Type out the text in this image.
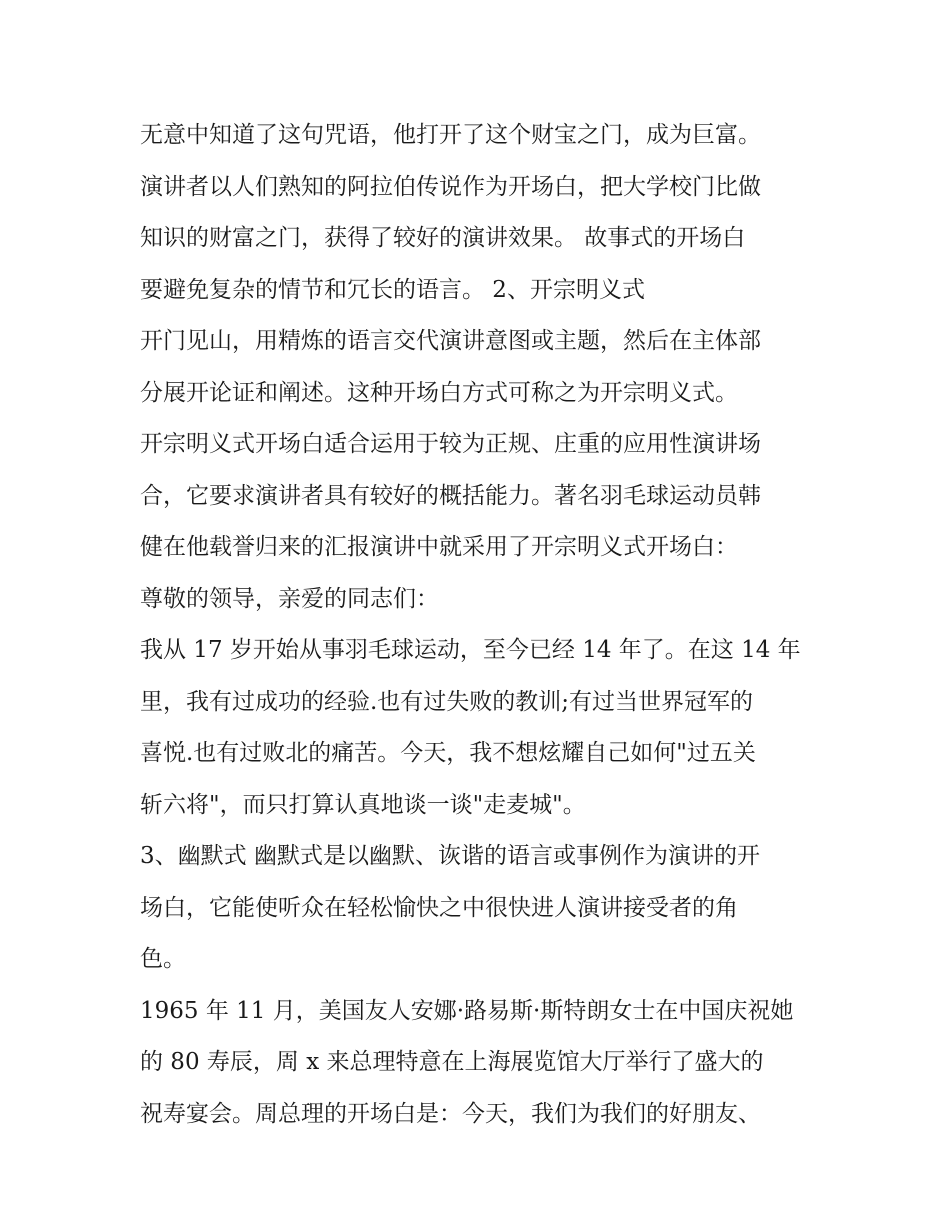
无意中知道了这句咒语，他打开了这个财宝之门，成为巨富。
演讲者以人们熟知的阿拉伯传说作为开场白，把大学校门比做
知识的财富之门，获得了较好的演讲效果。 故事式的开场白
要避免复杂的情节和冗长的语言。 2、开宗明义式
开门见山，用精炼的语言交代演讲意图或主题，然后在主体部
分展开论证和阐述。这种开场白方式可称之为开宗明义式。
开宗明义式开场白适合运用于较为正规、庄重的应用性演讲场
合，它要求演讲者具有较好的概括能力。著名羽毛球运动员韩
健在他载誉归来的汇报演讲中就采用了开宗明义式开场白：
尊敬的领导，亲爱的同志们：
我从 17 岁开始从事羽毛球运动，至今已经 14 年了。在这 14 年
里，我有过成功的经验.也有过失败的教训;有过当世界冠军的
喜悦.也有过败北的痛苦。今天，我不想炫耀自己如何"过五关
斩六将"，而只打算认真地谈一谈"走麦城"。
3、幽默式 幽默式是以幽默、诙谐的语言或事例作为演讲的开
场白，它能使听众在轻松愉快之中很快进人演讲接受者的角
色。
1965 年 11 月，美国友人安娜·路易斯·斯特朗女士在中国庆祝她
的 80 寿辰，周 x 来总理特意在上海展览馆大厅举行了盛大的
祝寿宴会。周总理的开场白是：今天，我们为我们的好朋友、
